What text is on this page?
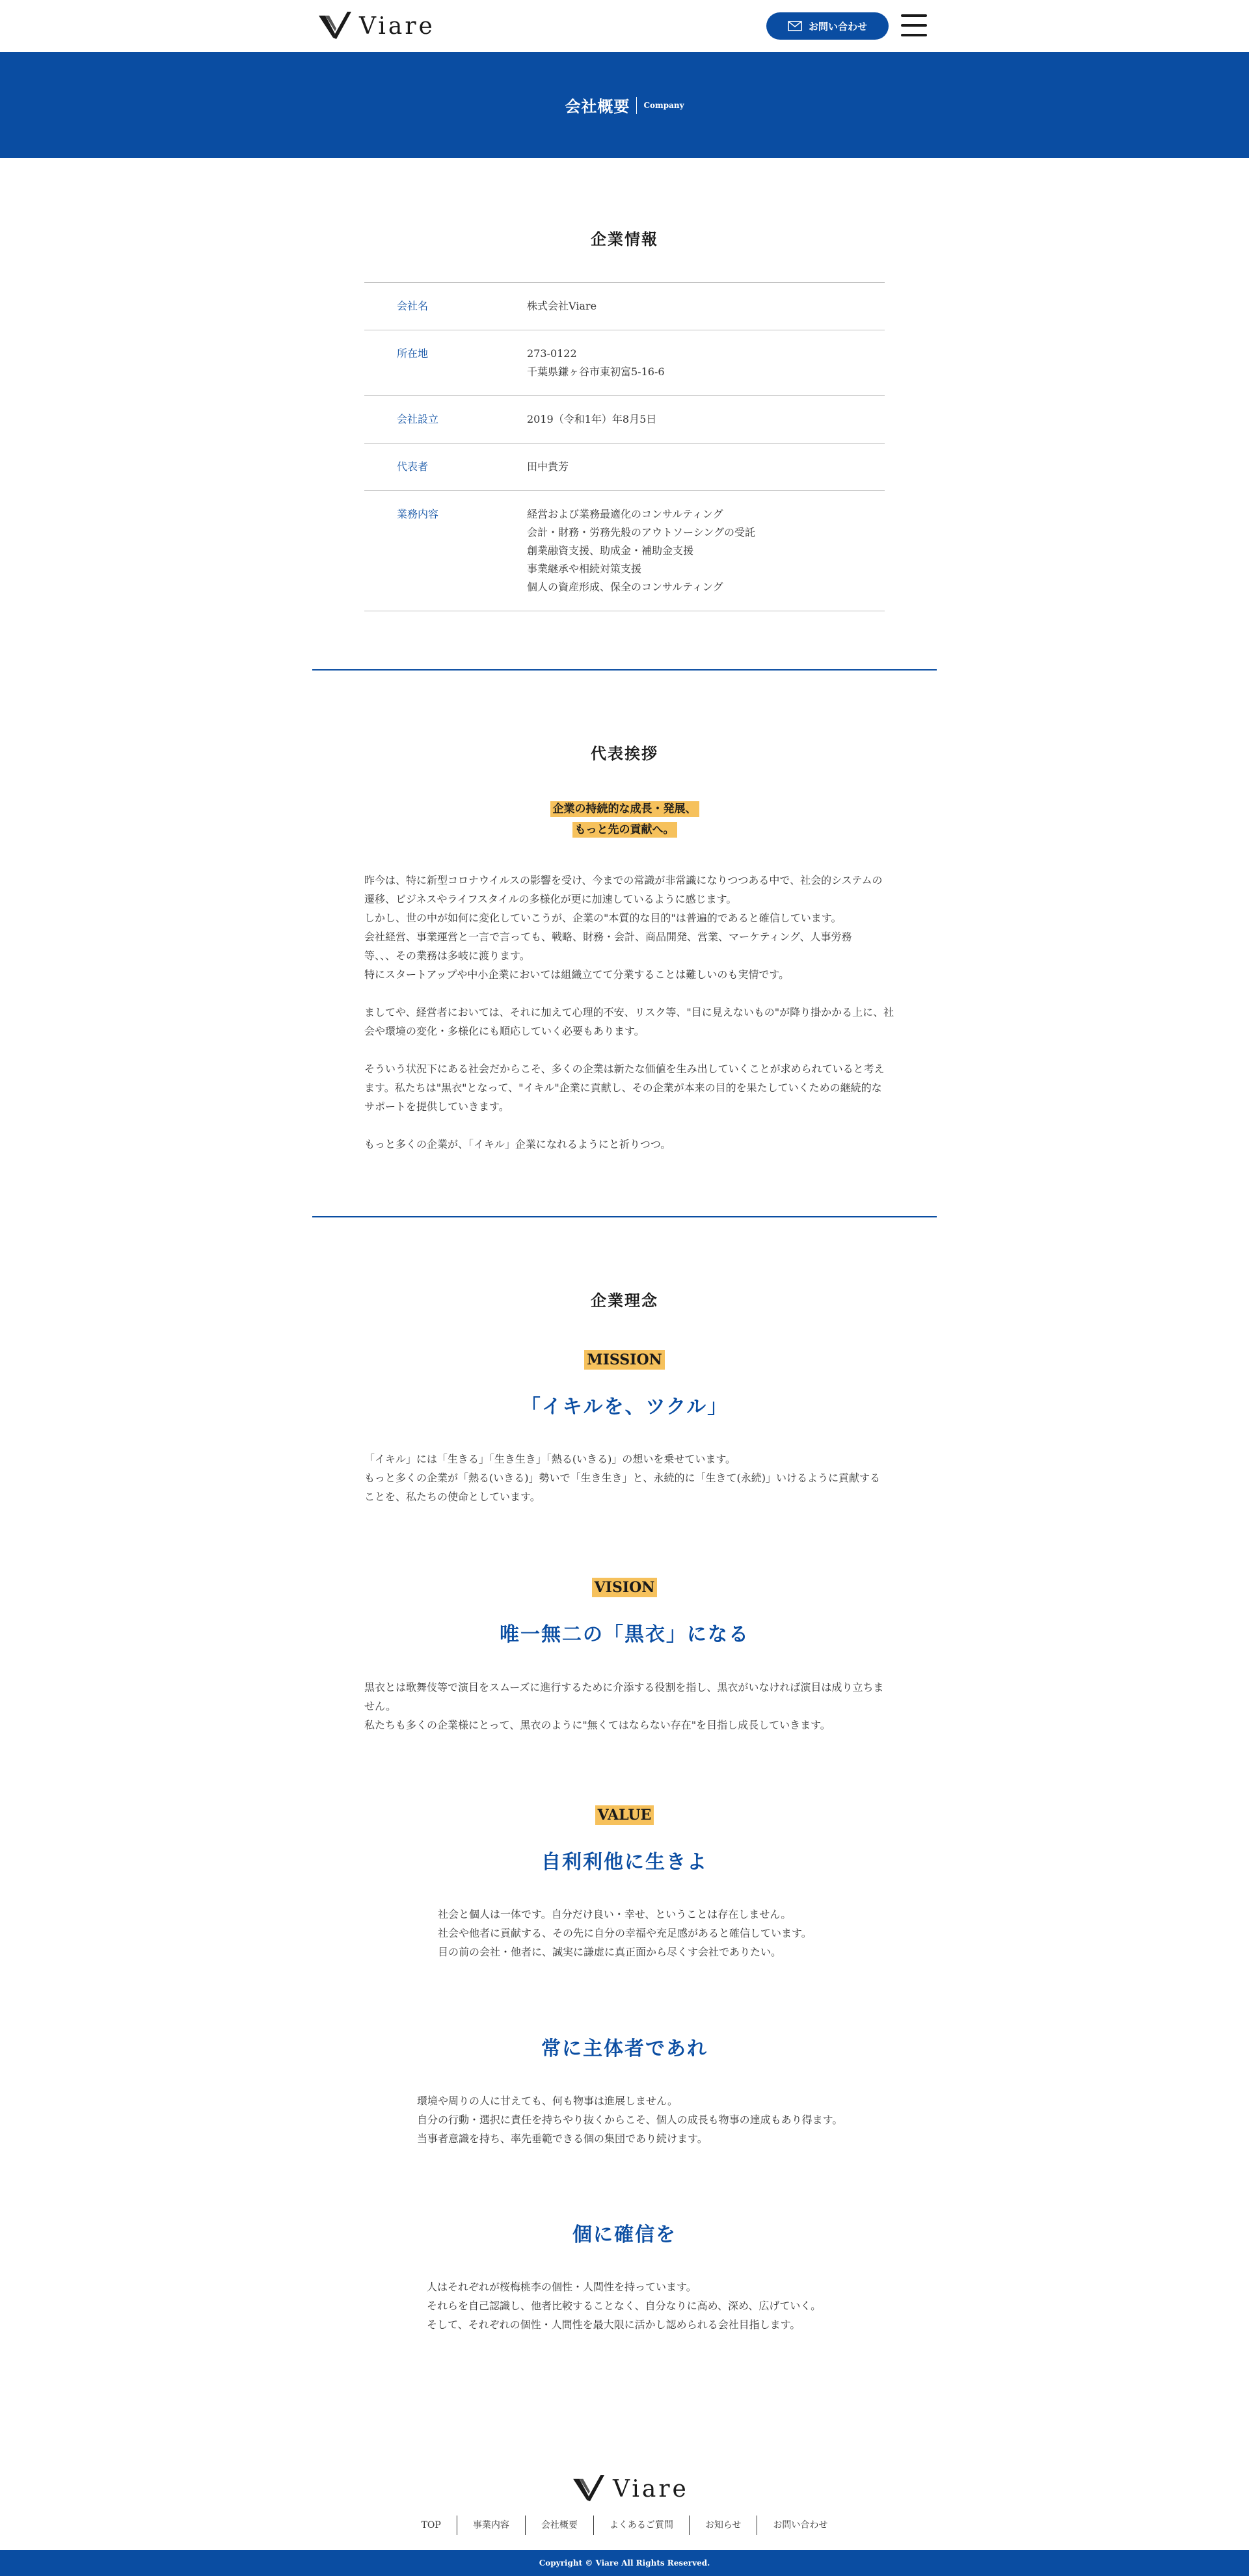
Viare	お問い合わせ
会社概要 Company
企業情報
会社名	株式会社Viare
所在地	273-0122
千葉県鎌ヶ谷市東初富5-16-6
会社設立	2019（令和1年）年8月5日
代表者	田中貴芳
業務内容	経営および業務最適化のコンサルティング
会計・財務・労務先般のアウトソーシングの受託
創業融資支援、助成金・補助金支援
事業継承や相続対策支援
個人の資産形成、保全のコンサルティング
代表挨拶
企業の持続的な成長・発展、
もっと先の貢献へ。

昨今は、特に新型コロナウイルスの影響を受け、今までの常識が非常識になりつつある中で、社会的システムの
遷移、ビジネスやライフスタイルの多様化が更に加速しているように感じます。
しかし、世の中が如何に変化していこうが、企業の"本質的な目的"は普遍的であると確信しています。
会社経営、事業運営と一言で言っても、戦略、財務・会計、商品開発、営業、マーケティング、人事労務
等、、、その業務は多岐に渡ります。
特にスタートアップや中小企業においては組織立てて分業することは難しいのも実情です。

ましてや、経営者においては、それに加えて心理的不安、リスク等、"目に見えないもの"が降り掛かかる上に、社
会や環境の変化・多様化にも順応していく必要もあります。

そういう状況下にある社会だからこそ、多くの企業は新たな価値を生み出していくことが求められていると考え
ます。私たちは"黒衣"となって、"イキル"企業に貢献し、その企業が本来の目的を果たしていくための継続的な
サポートを提供していきます。

もっと多くの企業が、「イキル」企業になれるようにと祈りつつ。

企業理念
MISSION
「イキルを、ツクル」
「イキル」には「生きる」「生き生き」「熱る(いきる)」の想いを乗せています。
もっと多くの企業が「熱る(いきる)」勢いで「生き生き」と、永続的に「生きて(永続)」いけるように貢献する
ことを、私たちの使命としています。
VISION
唯一無二の「黒衣」になる
黒衣とは歌舞伎等で演目をスムーズに進行するために介添する役割を指し、黒衣がいなければ演目は成り立ちま
せん。
私たちも多くの企業様にとって、黒衣のように"無くてはならない存在"を目指し成長していきます。
VALUE
自利利他に生きよ
社会と個人は一体です。自分だけ良い・幸せ、ということは存在しません。
社会や他者に貢献する、その先に自分の幸福や充足感があると確信しています。
目の前の会社・他者に、誠実に謙虚に真正面から尽くす会社でありたい。
常に主体者であれ
環境や周りの人に甘えても、何も物事は進展しません。
自分の行動・選択に責任を持ちやり抜くからこそ、個人の成長も物事の達成もあり得ます。
当事者意識を持ち、率先垂範できる個の集団であり続けます。
個に確信を
人はそれぞれが桜梅桃李の個性・人間性を持っています。
それらを自己認識し、他者比較することなく、自分なりに高め、深め、広げていく。
そして、それぞれの個性・人間性を最大限に活かし認められる会社目指します。
Viare
TOP	事業内容	会社概要	よくあるご質問	お知らせ	お問い合わせ
Copyright © Viare All Rights Reserved.
